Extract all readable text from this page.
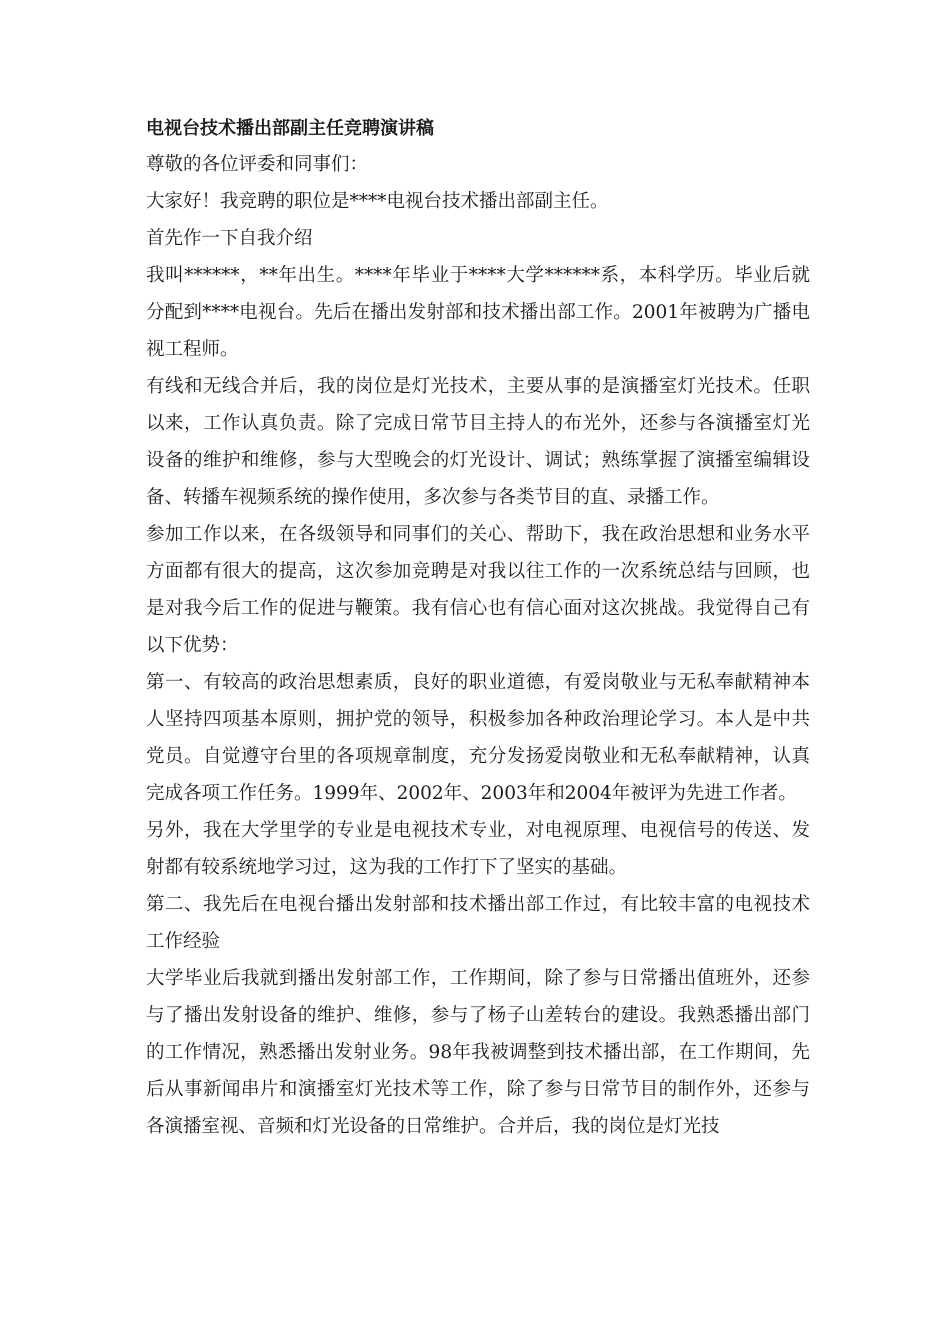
电视台技术播出部副主任竞聘演讲稿

尊敬的各位评委和同事们：

大家好！我竞聘的职位是****电视台技术播出部副主任。

首先作一下自我介绍

我叫******，**年出生。****年毕业于****大学******系，本科学历。毕业后就分配到****电视台。先后在播出发射部和技术播出部工作。2001年被聘为广播电视工程师。

有线和无线合并后，我的岗位是灯光技术，主要从事的是演播室灯光技术。任职以来，工作认真负责。除了完成日常节目主持人的布光外，还参与各演播室灯光设备的维护和维修，参与大型晚会的灯光设计、调试；熟练掌握了演播室编辑设备、转播车视频系统的操作使用，多次参与各类节目的直、录播工作。

参加工作以来，在各级领导和同事们的关心、帮助下，我在政治思想和业务水平方面都有很大的提高，这次参加竞聘是对我以往工作的一次系统总结与回顾，也是对我今后工作的促进与鞭策。我有信心也有信心面对这次挑战。我觉得自己有以下优势：

第一、有较高的政治思想素质，良好的职业道德，有爱岗敬业与无私奉献精神本人坚持四项基本原则，拥护党的领导，积极参加各种政治理论学习。本人是中共党员。自觉遵守台里的各项规章制度，充分发扬爱岗敬业和无私奉献精神，认真完成各项工作任务。1999年、2002年、2003年和2004年被评为先进工作者。

另外，我在大学里学的专业是电视技术专业，对电视原理、电视信号的传送、发射都有较系统地学习过，这为我的工作打下了坚实的基础。

第二、我先后在电视台播出发射部和技术播出部工作过，有比较丰富的电视技术工作经验

大学毕业后我就到播出发射部工作，工作期间，除了参与日常播出值班外，还参与了播出发射设备的维护、维修，参与了杨子山差转台的建设。我熟悉播出部门的工作情况，熟悉播出发射业务。98年我被调整到技术播出部，在工作期间，先后从事新闻串片和演播室灯光技术等工作，除了参与日常节目的制作外，还参与各演播室视、音频和灯光设备的日常维护。合并后，我的岗位是灯光技
